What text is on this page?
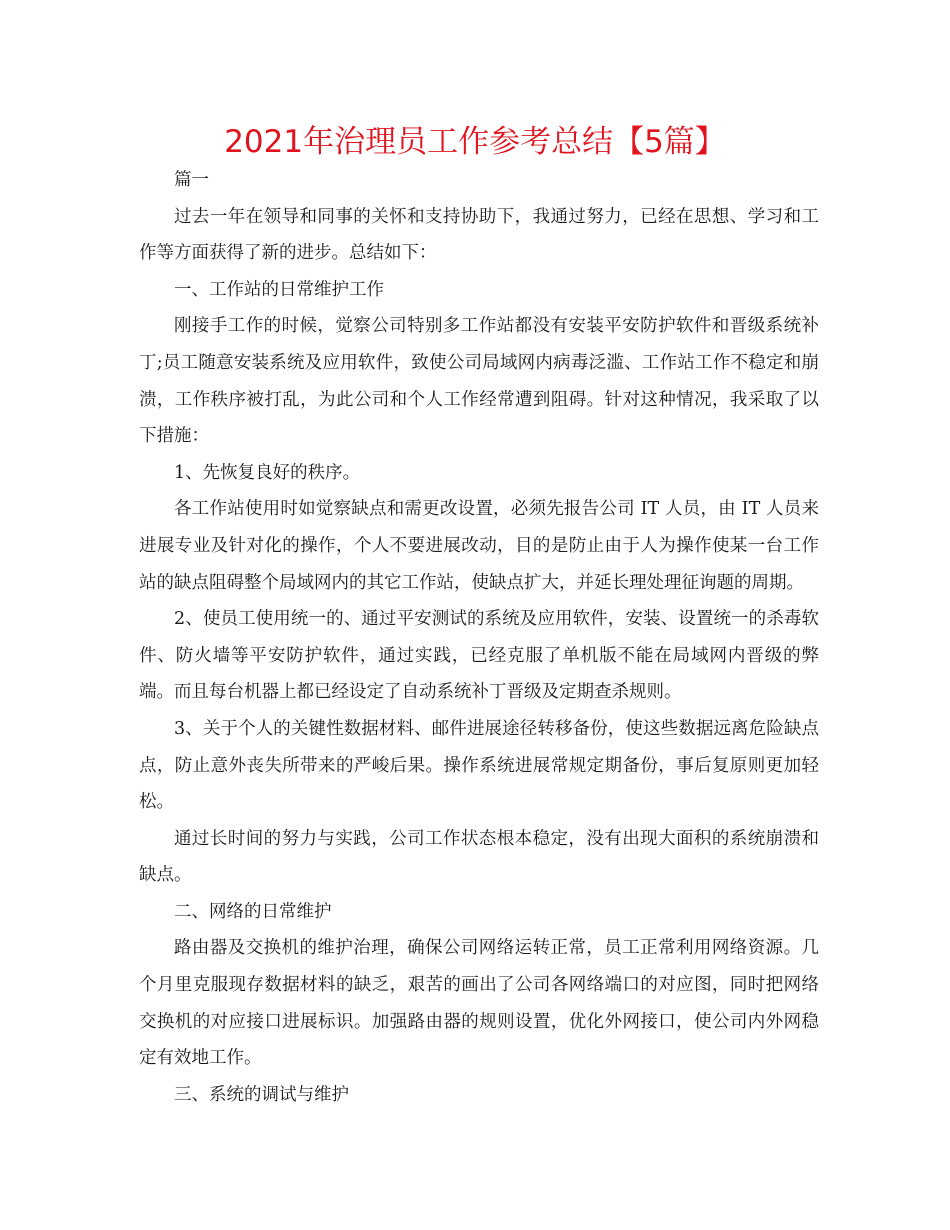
2021年治理员工作参考总结【5篇】

篇一

过去一年在领导和同事的关怀和支持协助下，我通过努力，已经在思想、学习和工作等方面获得了新的进步。总结如下：

一、工作站的日常维护工作

刚接手工作的时候，觉察公司特别多工作站都没有安装平安防护软件和晋级系统补丁;员工随意安装系统及应用软件，致使公司局域网内病毒泛滥、工作站工作不稳定和崩溃，工作秩序被打乱，为此公司和个人工作经常遭到阻碍。针对这种情况，我采取了以下措施：

1、先恢复良好的秩序。

各工作站使用时如觉察缺点和需更改设置，必须先报告公司 IT 人员，由 IT 人员来进展专业及针对化的操作，个人不要进展改动，目的是防止由于人为操作使某一台工作站的缺点阻碍整个局域网内的其它工作站，使缺点扩大，并延长理处理征询题的周期。

2、使员工使用统一的、通过平安测试的系统及应用软件，安装、设置统一的杀毒软件、防火墙等平安防护软件，通过实践，已经克服了单机版不能在局域网内晋级的弊端。而且每台机器上都已经设定了自动系统补丁晋级及定期查杀规则。

3、关于个人的关键性数据材料、邮件进展途径转移备份，使这些数据远离危险缺点点，防止意外丧失所带来的严峻后果。操作系统进展常规定期备份，事后复原则更加轻松。

通过长时间的努力与实践，公司工作状态根本稳定，没有出现大面积的系统崩溃和缺点。

二、网络的日常维护

路由器及交换机的维护治理，确保公司网络运转正常，员工正常利用网络资源。几个月里克服现存数据材料的缺乏，艰苦的画出了公司各网络端口的对应图，同时把网络交换机的对应接口进展标识。加强路由器的规则设置，优化外网接口，使公司内外网稳定有效地工作。

三、系统的调试与维护
